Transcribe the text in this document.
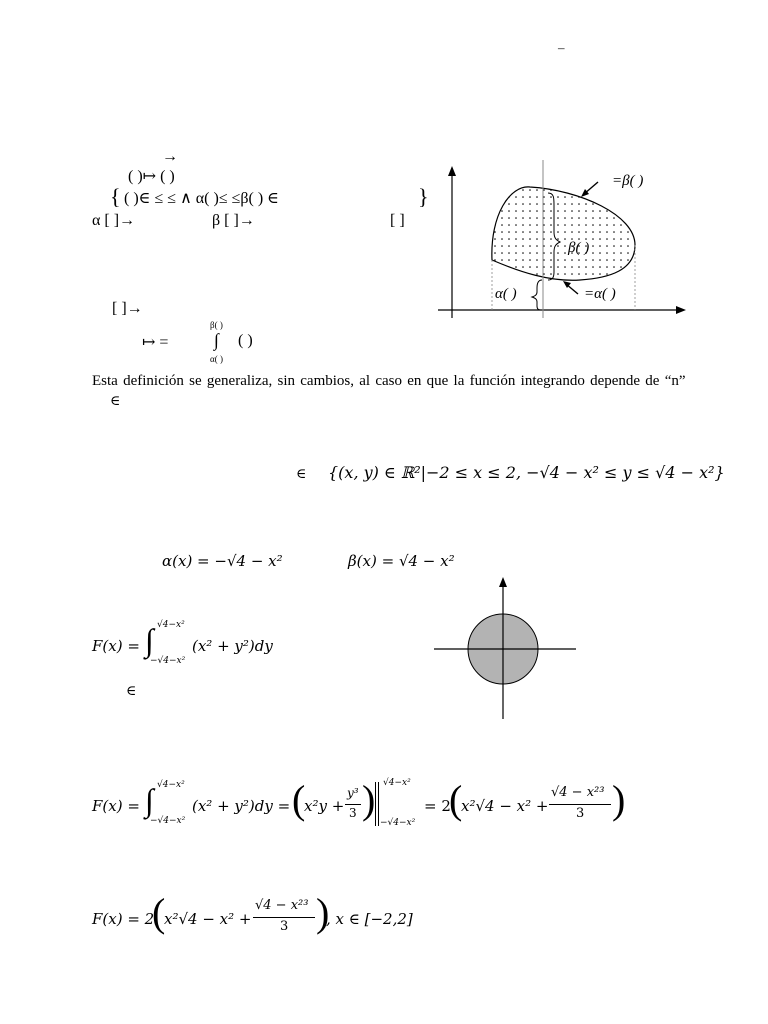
–
→
( )↦ ( )
{ ( )∈ ≤ ≤ ∧ α( )≤ ≤β( ) ∈	}
α [ ]→	β [ ]→	[ ]
[ ]→
↦ =
β( )
∫
α( )
( )
=β( )
β( )
α( )	=α( )
Esta definición se generaliza, sin cambios, al caso en que la función integrando depende de “n”
∈
∈ {(x, y) ∈ ℝ²|−2 ≤ x ≤ 2, −√4 − x² ≤ y ≤ √4 − x²}
α(x) = −√4 − x²	β(x) = √4 − x²
F(x) = ∫ √4−x²
−√4−x²
(x² + y²)dy
∈
F(x) = ∫ √4−x²
−√4−x²
(x² + y²)dy = (
x²y +
y³
3 ) √4−x²
−√4−x²
= 2
(
x²√4 − x² +
√4 − x²³
3 )
F(x) = 2
(
x²√4 − x² +
√4 − x²³
3 )
, x ∈ [−2,2]
